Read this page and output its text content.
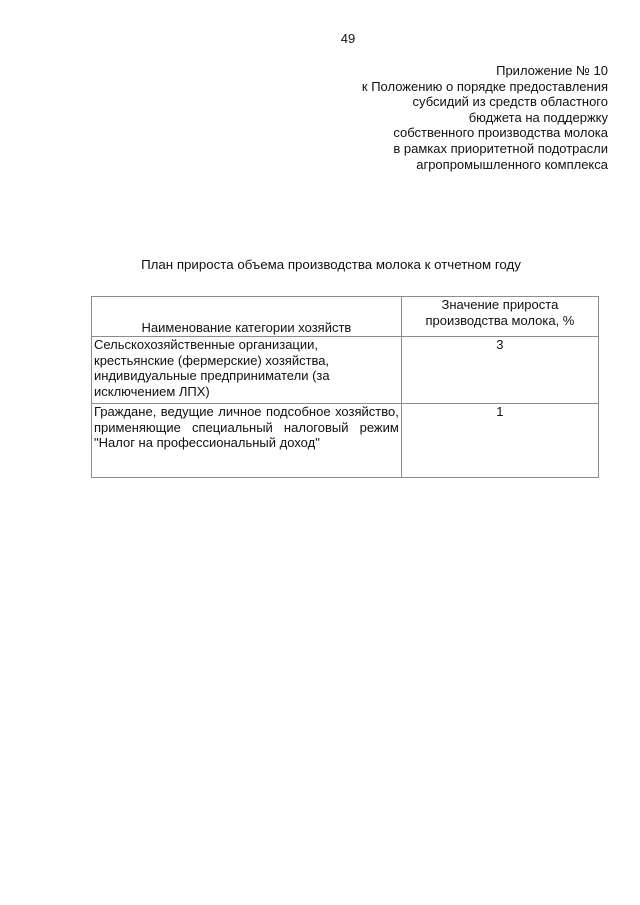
49
Приложение № 10
к Положению о порядке предоставления
субсидий из средств областного
бюджета на поддержку
собственного производства молока
в рамках приоритетной подотрасли
агропромышленного комплекса
План прироста объема производства молока к отчетном году
Наименование категории хозяйств	Значение прироста производства молока, %
Сельскохозяйственные организации, крестьянские (фермерские) хозяйства, индивидуальные предприниматели (за исключением ЛПХ)	3
Граждане, ведущие личное подсобное хозяйство, применяющие специальный налоговый режим "Налог на профессиональный доход"	1
